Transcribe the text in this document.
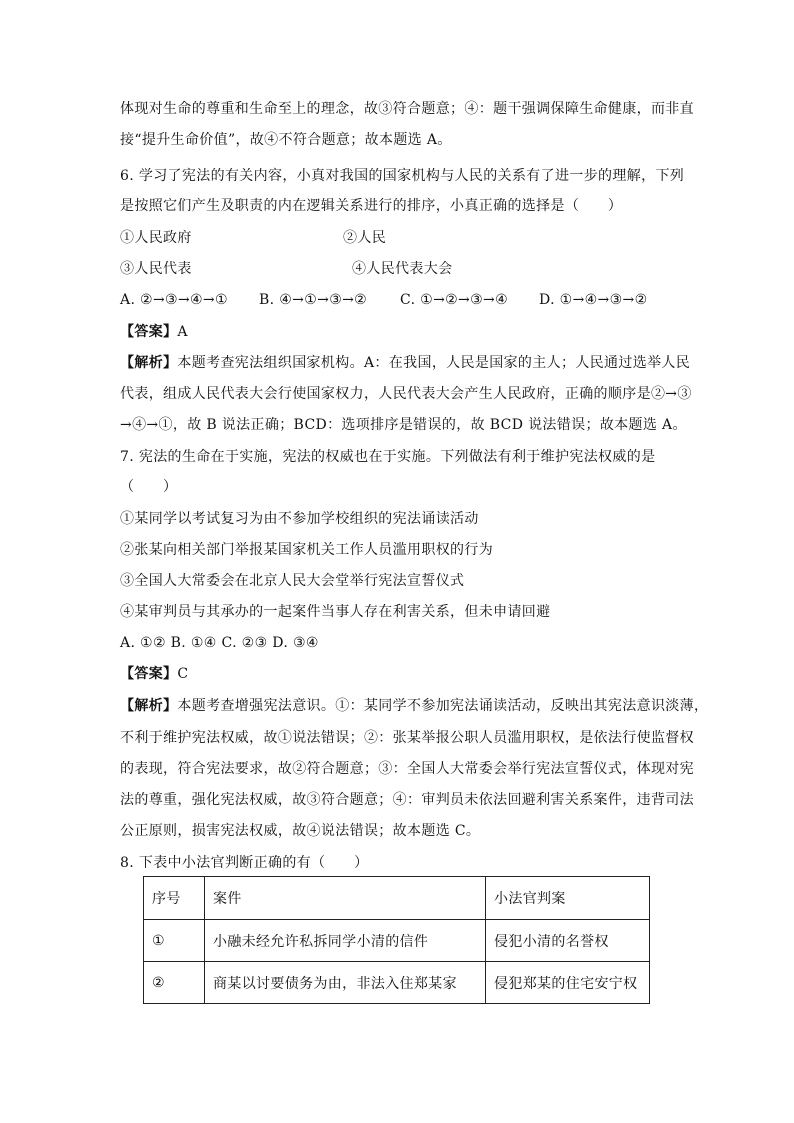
体现对生命的尊重和生命至上的理念，故③符合题意；④：题干强调保障生命健康，而非直
接“提升生命价值”，故④不符合题意；故本题选 A。
6. 学习了宪法的有关内容，小真对我国的国家机构与人民的关系有了进一步的理解，下列
是按照它们产生及职责的内在逻辑关系进行的排序，小真正确的选择是（　　）
①人民政府	②人民
③人民代表	④人民代表大会
A. ②→③→④→① B. ④→①→③→② C. ①→②→③→④ D. ①→④→③→②
【答案】A
【解析】本题考查宪法组织国家机构。A：在我国，人民是国家的主人；人民通过选举人民
代表，组成人民代表大会行使国家权力，人民代表大会产生人民政府，正确的顺序是②→③
→④→①，故 B 说法正确；BCD：选项排序是错误的，故 BCD 说法错误；故本题选 A。
7. 宪法的生命在于实施，宪法的权威也在于实施。下列做法有利于维护宪法权威的是
（　　）
①某同学以考试复习为由不参加学校组织的宪法诵读活动
②张某向相关部门举报某国家机关工作人员滥用职权的行为
③全国人大常委会在北京人民大会堂举行宪法宣誓仪式
④某审判员与其承办的一起案件当事人存在利害关系，但未申请回避
A. ①② B. ①④ C. ②③ D. ③④
【答案】C
【解析】本题考查增强宪法意识。①：某同学不参加宪法诵读活动，反映出其宪法意识淡薄，
不利于维护宪法权威，故①说法错误；②：张某举报公职人员滥用职权，是依法行使监督权
的表现，符合宪法要求，故②符合题意；③：全国人大常委会举行宪法宣誓仪式，体现对宪
法的尊重，强化宪法权威，故③符合题意；④：审判员未依法回避利害关系案件，违背司法
公正原则，损害宪法权威，故④说法错误；故本题选 C。
8. 下表中小法官判断正确的有（　　）
序号	案件	小法官判案
①	小融未经允许私拆同学小清的信件	侵犯小清的名誉权
②	商某以讨要债务为由，非法入住郑某家	侵犯郑某的住宅安宁权
